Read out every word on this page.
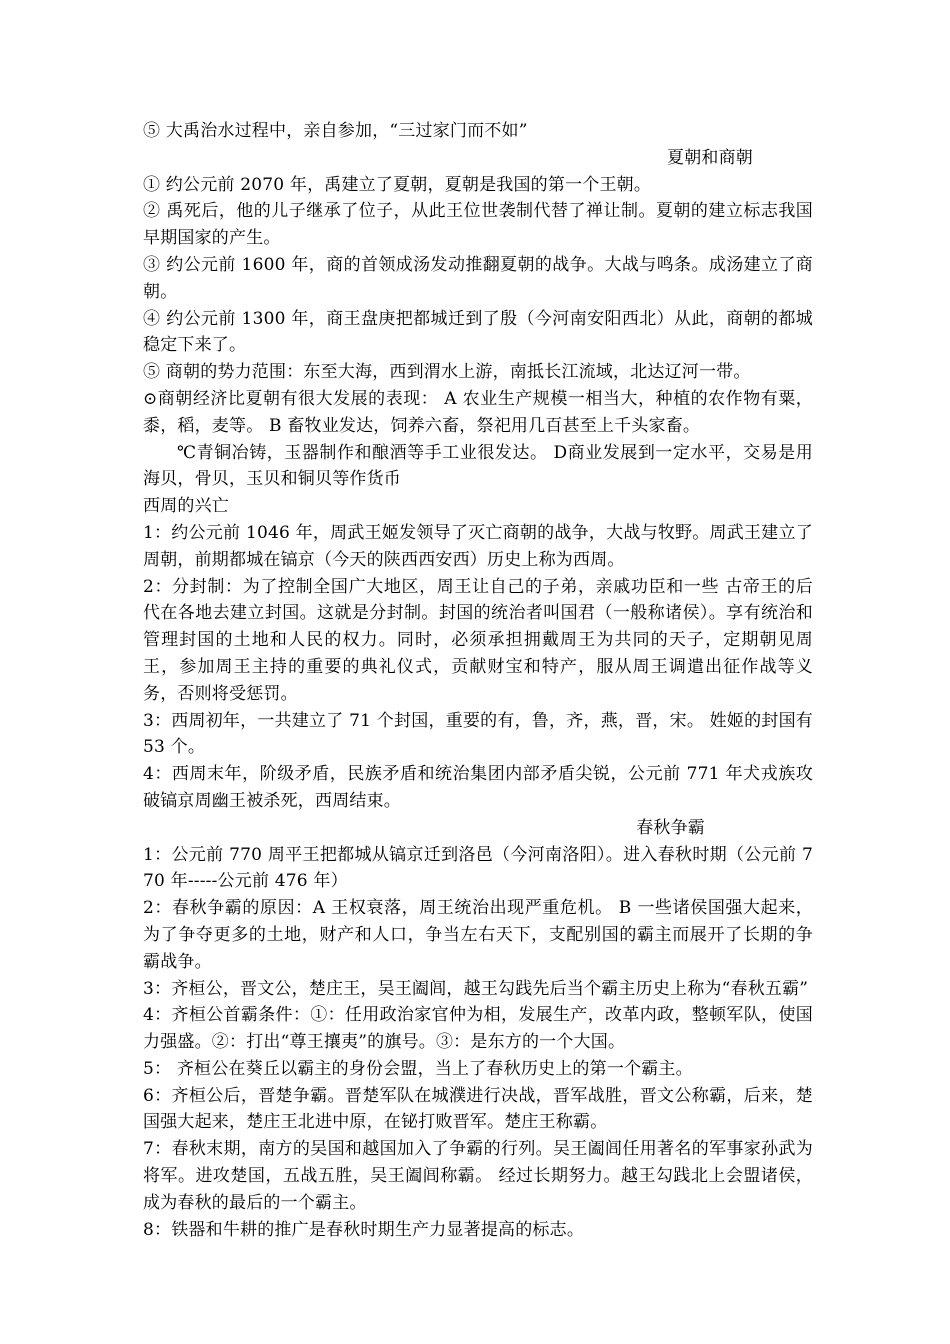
⑤ 大禹治水过程中，亲自参加，“三过家门而不如”

夏朝和商朝

① 约公元前 2070 年，禹建立了夏朝，夏朝是我国的第一个王朝。

② 禹死后，他的儿子继承了位子，从此王位世袭制代替了禅让制。夏朝的建立标志我国早期国家的产生。

③ 约公元前 1600 年，商的首领成汤发动推翻夏朝的战争。大战与鸣条。成汤建立了商朝。

④ 约公元前 1300 年，商王盘庚把都城迁到了殷（今河南安阳西北）从此，商朝的都城稳定下来了。

⑤ 商朝的势力范围：东至大海，西到渭水上游，南抵长江流域，北达辽河一带。

⊙商朝经济比夏朝有很大发展的表现： A 农业生产规模一相当大，种植的农作物有粟，黍，稻，麦等。 B 畜牧业发达，饲养六畜，祭祀用几百甚至上千头家畜。

℃青铜冶铸，玉器制作和酿酒等手工业很发达。 D商业发展到一定水平，交易是用海贝，骨贝，玉贝和铜贝等作货币

西周的兴亡

1：约公元前 1046 年，周武王姬发领导了灭亡商朝的战争，大战与牧野。周武王建立了周朝，前期都城在镐京（今天的陕西西安西）历史上称为西周。

2：分封制：为了控制全国广大地区，周王让自己的子弟，亲戚功臣和一些 古帝王的后代在各地去建立封国。这就是分封制。封国的统治者叫国君（一般称诸侯）。享有统治和管理封国的土地和人民的权力。同时，必须承担拥戴周王为共同的天子，定期朝见周王，参加周王主持的重要的典礼仪式，贡献财宝和特产，服从周王调遣出征作战等义务，否则将受惩罚。

3：西周初年，一共建立了 71 个封国，重要的有，鲁，齐，燕，晋，宋。 姓姬的封国有 53 个。

4：西周末年，阶级矛盾，民族矛盾和统治集团内部矛盾尖锐，公元前 771 年犬戎族攻破镐京周幽王被杀死，西周结束。

春秋争霸

1：公元前 770 周平王把都城从镐京迁到洛邑（今河南洛阳）。进入春秋时期（公元前 770 年-----公元前 476 年）

2：春秋争霸的原因：A 王权衰落，周王统治出现严重危机。 B 一些诸侯国强大起来，为了争夺更多的土地，财产和人口，争当左右天下，支配别国的霸主而展开了长期的争霸战争。

3：齐桓公，晋文公，楚庄王，吴王阖闾，越王勾践先后当个霸主历史上称为“春秋五霸”

4：齐桓公首霸条件：①：任用政治家官仲为相，发展生产，改革内政，整顿军队，使国力强盛。②：打出“尊王攘夷”的旗号。③：是东方的一个大国。

5： 齐桓公在葵丘以霸主的身份会盟，当上了春秋历史上的第一个霸主。

6：齐桓公后，晋楚争霸。晋楚军队在城濮进行决战，晋军战胜，晋文公称霸，后来，楚国强大起来，楚庄王北进中原，在铋打败晋军。楚庄王称霸。

7：春秋末期，南方的吴国和越国加入了争霸的行列。吴王阖闾任用著名的军事家孙武为将军。进攻楚国，五战五胜，吴王阖闾称霸。 经过长期努力。越王勾践北上会盟诸侯，成为春秋的最后的一个霸主。

8：铁器和牛耕的推广是春秋时期生产力显著提高的标志。
